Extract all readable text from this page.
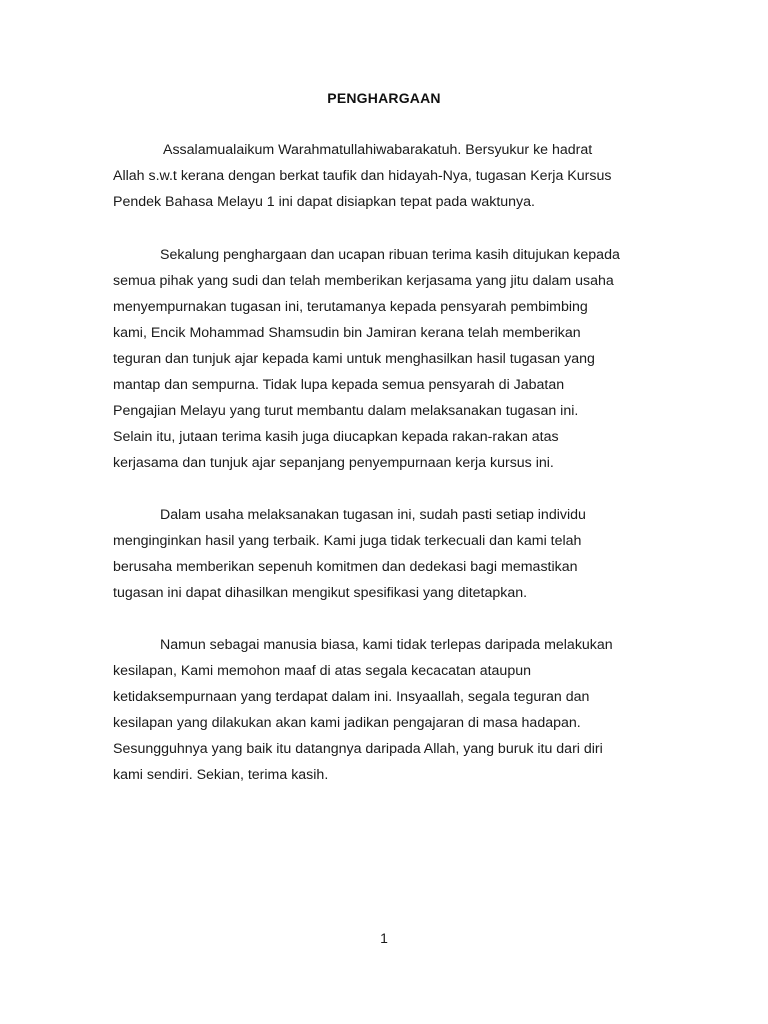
PENGHARGAAN
Assalamualaikum Warahmatullahiwabarakatuh. Bersyukur ke hadrat
Allah s.w.t kerana dengan berkat taufik dan hidayah-Nya, tugasan Kerja Kursus
Pendek Bahasa Melayu 1 ini dapat disiapkan tepat pada waktunya.
Sekalung penghargaan dan ucapan ribuan terima kasih ditujukan kepada
semua pihak yang sudi dan telah memberikan kerjasama yang jitu dalam usaha
menyempurnakan tugasan ini, terutamanya kepada pensyarah pembimbing
kami, Encik Mohammad Shamsudin bin Jamiran kerana telah memberikan
teguran dan tunjuk ajar kepada kami untuk menghasilkan hasil tugasan yang
mantap dan sempurna. Tidak lupa kepada semua pensyarah di Jabatan
Pengajian Melayu yang turut membantu dalam melaksanakan tugasan ini.
Selain itu, jutaan terima kasih juga diucapkan kepada rakan-rakan atas
kerjasama dan tunjuk ajar sepanjang penyempurnaan kerja kursus ini.
Dalam usaha melaksanakan tugasan ini, sudah pasti setiap individu
menginginkan hasil yang terbaik. Kami juga tidak terkecuali dan kami telah
berusaha memberikan sepenuh komitmen dan dedekasi bagi memastikan
tugasan ini dapat dihasilkan mengikut spesifikasi yang ditetapkan.
Namun sebagai manusia biasa, kami tidak terlepas daripada melakukan
kesilapan, Kami memohon maaf di atas segala kecacatan ataupun
ketidaksempurnaan yang terdapat dalam ini. Insyaallah, segala teguran dan
kesilapan yang dilakukan akan kami jadikan pengajaran di masa hadapan.
Sesungguhnya yang baik itu datangnya daripada Allah, yang buruk itu dari diri
kami sendiri. Sekian, terima kasih.
1
